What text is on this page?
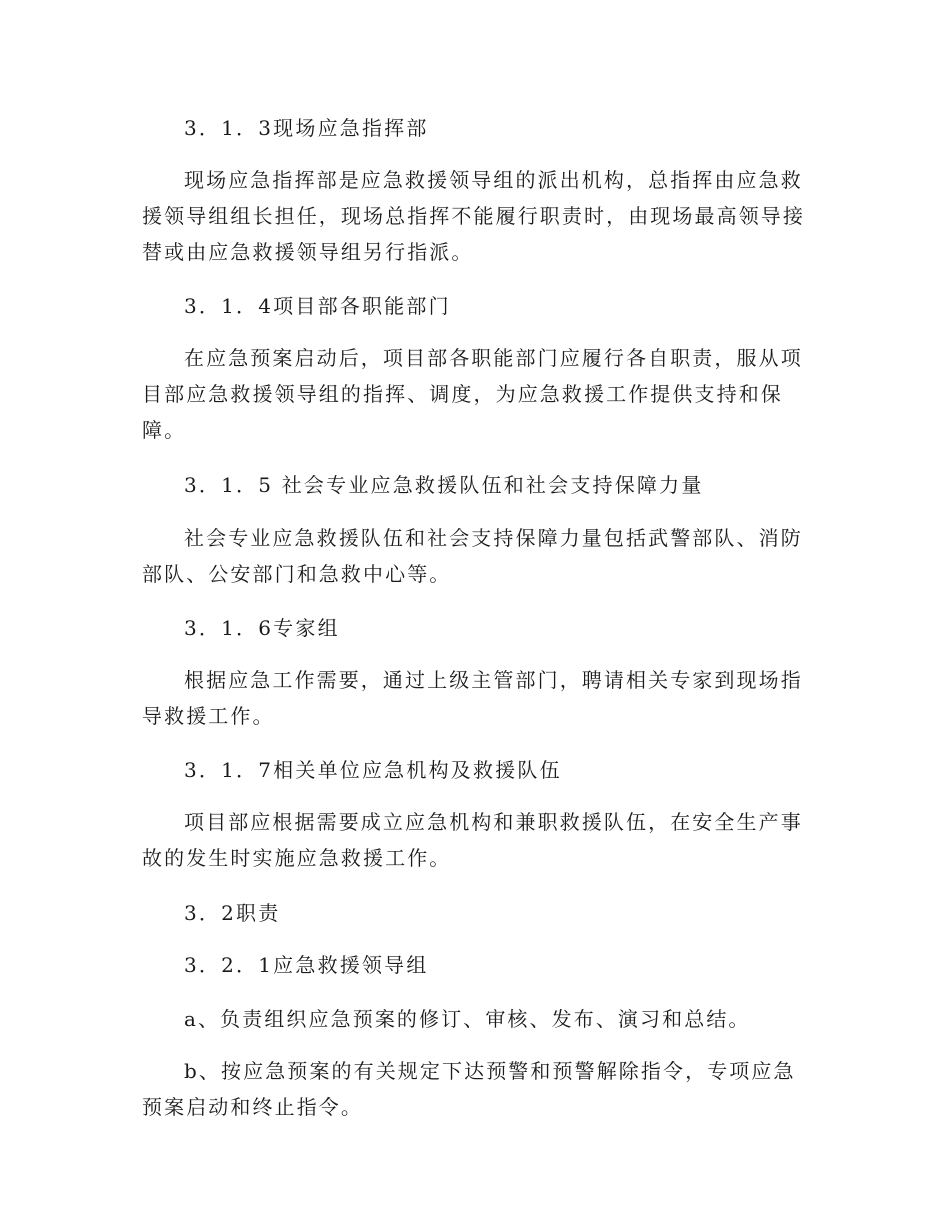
3．1．3现场应急指挥部
现场应急指挥部是应急救援领导组的派出机构，总指挥由应急救
援领导组组长担任，现场总指挥不能履行职责时，由现场最高领导接
替或由应急救援领导组另行指派。
3．1．4项目部各职能部门
在应急预案启动后，项目部各职能部门应履行各自职责，服从项
目部应急救援领导组的指挥、调度，为应急救援工作提供支持和保
障。
3．1．5 社会专业应急救援队伍和社会支持保障力量
社会专业应急救援队伍和社会支持保障力量包括武警部队、消防
部队、公安部门和急救中心等。
3．1．6专家组
根据应急工作需要，通过上级主管部门，聘请相关专家到现场指
导救援工作。
3．1．7相关单位应急机构及救援队伍
项目部应根据需要成立应急机构和兼职救援队伍，在安全生产事
故的发生时实施应急救援工作。
3．2职责
3．2．1应急救援领导组
a、负责组织应急预案的修订、审核、发布、演习和总结。
b、按应急预案的有关规定下达预警和预警解除指令，专项应急
预案启动和终止指令。
